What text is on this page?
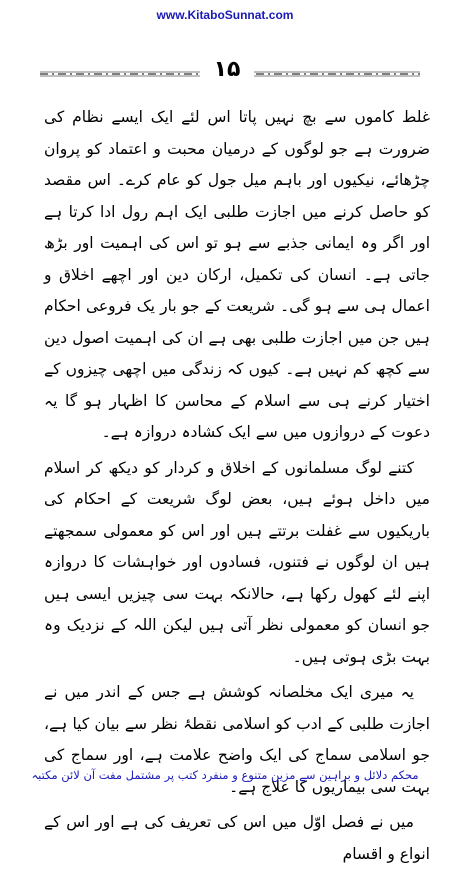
www.KitaboSunnat.com
۱۵

غلط کاموں سے بچ نہیں پاتا اس لئے ایک ایسے نظام کی ضرورت ہے جو لوگوں کے درمیان محبت و اعتماد کو پروان چڑھائے، نیکیوں اور باہم میل جول کو عام کرے۔ اس مقصد کو حاصل کرنے میں اجازت طلبی ایک اہم رول ادا کرتا ہے اور اگر وہ ایمانی جذبے سے ہو تو اس کی اہمیت اور بڑھ جاتی ہے۔ انسان کی تکمیل، ارکان دین اور اچھے اخلاق و اعمال ہی سے ہو گی۔ شریعت کے جو بار یک فروعی احکام ہیں جن میں اجازت طلبی بھی ہے ان کی اہمیت اصول دین سے کچھ کم نہیں ہے۔ کیوں کہ زندگی میں اچھی چیزوں کے اختیار کرنے ہی سے اسلام کے محاسن کا اظہار ہو گا یہ دعوت کے دروازوں میں سے ایک کشادہ دروازہ ہے۔

کتنے لوگ مسلمانوں کے اخلاق و کردار کو دیکھ کر اسلام میں داخل ہوئے ہیں، بعض لوگ شریعت کے احکام کی باریکیوں سے غفلت برتتے ہیں اور اس کو معمولی سمجھتے ہیں ان لوگوں نے فتنوں، فسادوں اور خواہشات کا دروازہ اپنے لئے کھول رکھا ہے، حالانکہ بہت سی چیزیں ایسی ہیں جو انسان کو معمولی نظر آتی ہیں لیکن اللہ کے نزدیک وہ بہت بڑی ہوتی ہیں۔

یہ میری ایک مخلصانہ کوشش ہے جس کے اندر میں نے اجازت طلبی کے ادب کو اسلامی نقطۂ نظر سے بیان کیا ہے، جو اسلامی سماج کی ایک واضح علامت ہے، اور سماج کی بہت سی بیماریوں کا علاج ہے۔

میں نے فصل اوّل میں اس کی تعریف کی ہے اور اس کے انواع و اقسام

محکم دلائل و براہین سے مزین متنوع و منفرد کتب پر مشتمل مفت آن لائن مکتبہ
